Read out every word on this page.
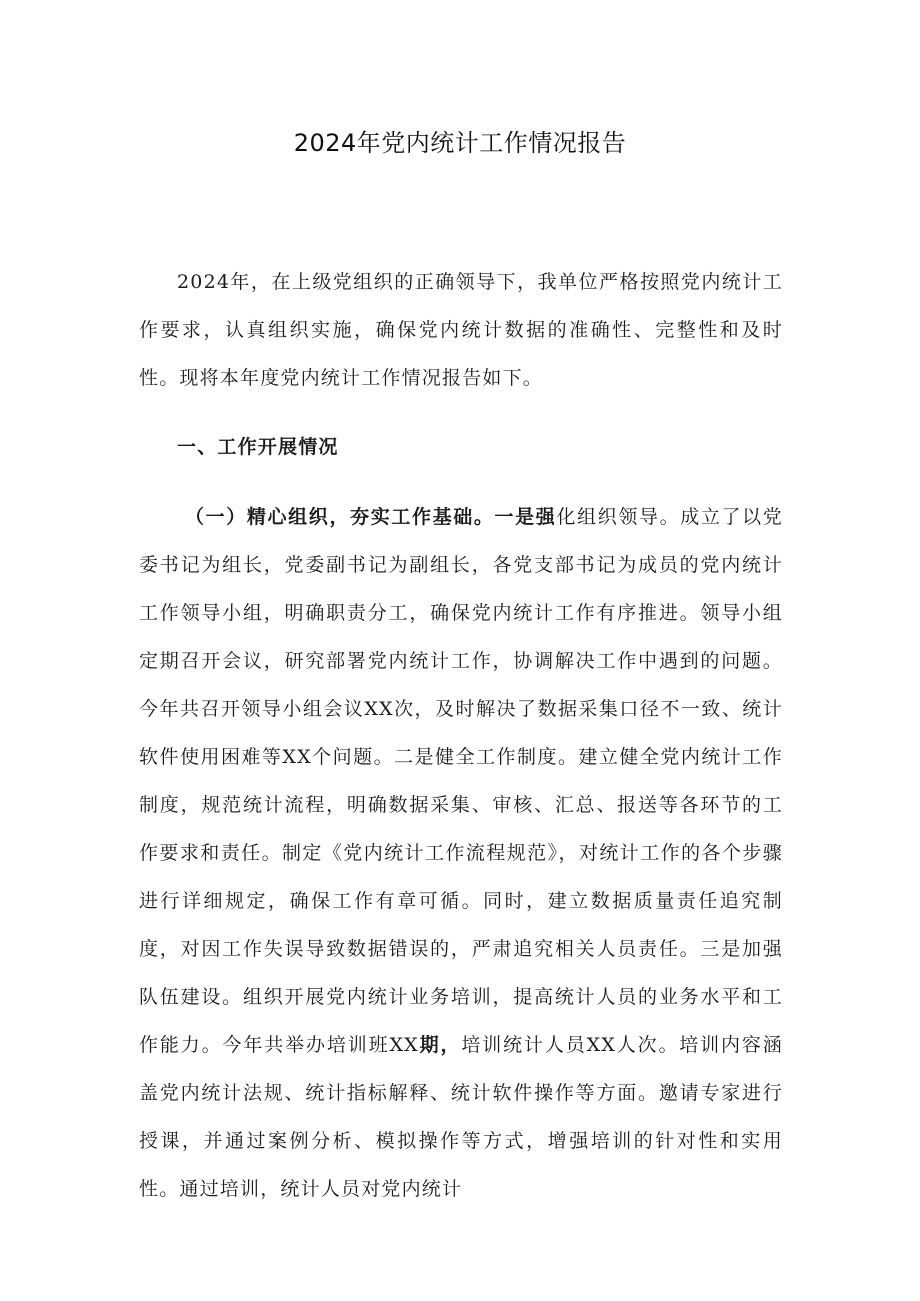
2024年党内统计工作情况报告

2024年，在上级党组织的正确领导下，我单位严格按照党内统计工作要求，认真组织实施，确保党内统计数据的准确性、完整性和及时性。现将本年度党内统计工作情况报告如下。

一、工作开展情况

（一）精心组织，夯实工作基础。一是强化组织领导。成立了以党委书记为组长，党委副书记为副组长，各党支部书记为成员的党内统计工作领导小组，明确职责分工，确保党内统计工作有序推进。领导小组定期召开会议，研究部署党内统计工作，协调解决工作中遇到的问题。今年共召开领导小组会议XX次，及时解决了数据采集口径不一致、统计软件使用困难等XX个问题。二是健全工作制度。建立健全党内统计工作制度，规范统计流程，明确数据采集、审核、汇总、报送等各环节的工作要求和责任。制定《党内统计工作流程规范》，对统计工作的各个步骤进行详细规定，确保工作有章可循。同时，建立数据质量责任追究制度，对因工作失误导致数据错误的，严肃追究相关人员责任。三是加强队伍建设。组织开展党内统计业务培训，提高统计人员的业务水平和工作能力。今年共举办培训班XX期，培训统计人员XX人次。培训内容涵盖党内统计法规、统计指标解释、统计软件操作等方面。邀请专家进行授课，并通过案例分析、模拟操作等方式，增强培训的针对性和实用性。通过培训，统计人员对党内统计
